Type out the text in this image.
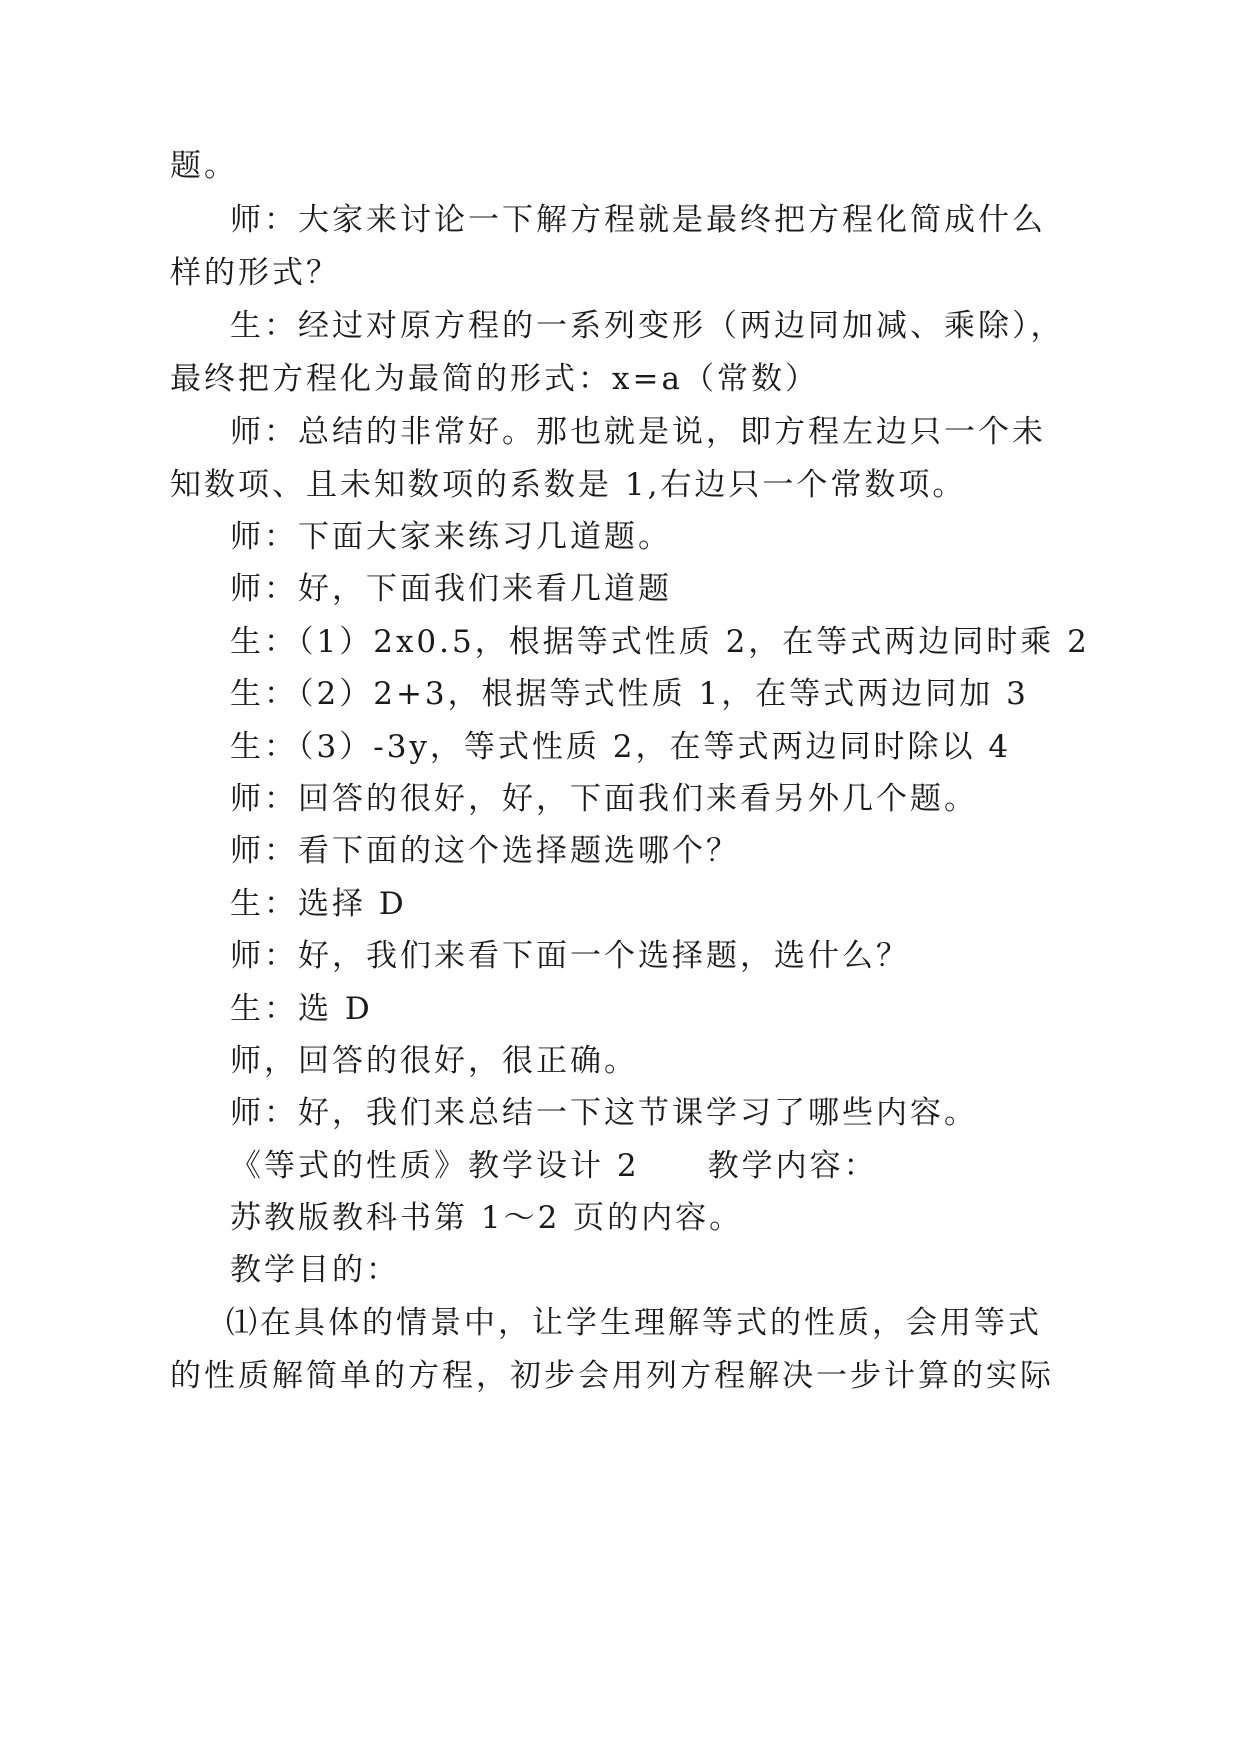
题。
师：大家来讨论一下解方程就是最终把方程化简成什么
样的形式？
生：经过对原方程的一系列变形（两边同加减、乘除），
最终把方程化为最简的形式：x=a（常数）
师：总结的非常好。那也就是说，即方程左边只一个未
知数项、且未知数项的系数是 1,右边只一个常数项。
师：下面大家来练习几道题。
师：好，下面我们来看几道题
生：（1）2x0.5，根据等式性质 2，在等式两边同时乘 2
生：（2）2+3，根据等式性质 1，在等式两边同加 3
生：（3）-3y，等式性质 2，在等式两边同时除以 4
师：回答的很好，好，下面我们来看另外几个题。
师：看下面的这个选择题选哪个？
生：选择 D
师：好，我们来看下面一个选择题，选什么？
生：选 D
师，回答的很好，很正确。
师：好，我们来总结一下这节课学习了哪些内容。
《等式的性质》教学设计 2　　教学内容：
苏教版教科书第 1～2 页的内容。
教学目的：
⑴在具体的情景中，让学生理解等式的性质，会用等式
的性质解简单的方程，初步会用列方程解决一步计算的实际
